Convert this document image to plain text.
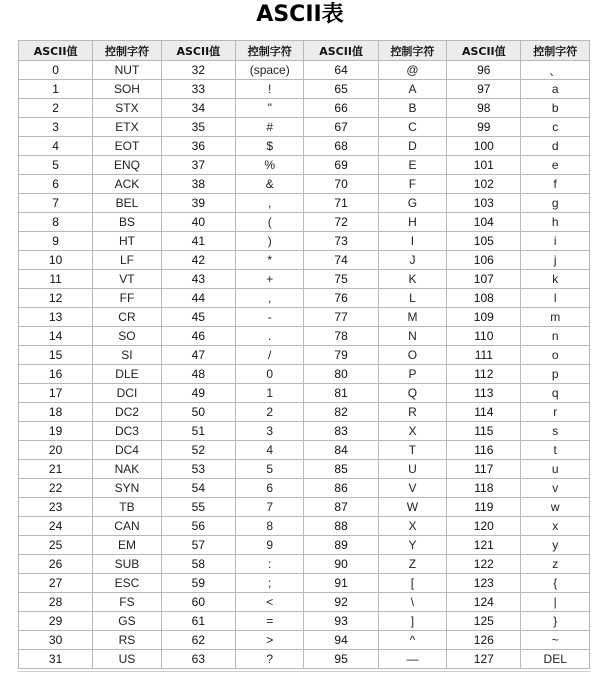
ASCII表
ASCII值	控制字符	ASCII值	控制字符	ASCII值	控制字符	ASCII值	控制字符
0	NUT	32	(space)	64	@	96	、
1	SOH	33	!	65	A	97	a
2	STX	34	"	66	B	98	b
3	ETX	35	#	67	C	99	c
4	EOT	36	$	68	D	100	d
5	ENQ	37	%	69	E	101	e
6	ACK	38	&	70	F	102	f
7	BEL	39	,	71	G	103	g
8	BS	40	(	72	H	104	h
9	HT	41	)	73	I	105	i
10	LF	42	*	74	J	106	j
11	VT	43	+	75	K	107	k
12	FF	44	,	76	L	108	l
13	CR	45	-	77	M	109	m
14	SO	46	.	78	N	110	n
15	SI	47	/	79	O	111	o
16	DLE	48	0	80	P	112	p
17	DCI	49	1	81	Q	113	q
18	DC2	50	2	82	R	114	r
19	DC3	51	3	83	X	115	s
20	DC4	52	4	84	T	116	t
21	NAK	53	5	85	U	117	u
22	SYN	54	6	86	V	118	v
23	TB	55	7	87	W	119	w
24	CAN	56	8	88	X	120	x
25	EM	57	9	89	Y	121	y
26	SUB	58	:	90	Z	122	z
27	ESC	59	;	91	[	123	{
28	FS	60	<	92	\	124	|
29	GS	61	=	93	]	125	}
30	RS	62	>	94	^	126	~
31	US	63	?	95	—	127	DEL
